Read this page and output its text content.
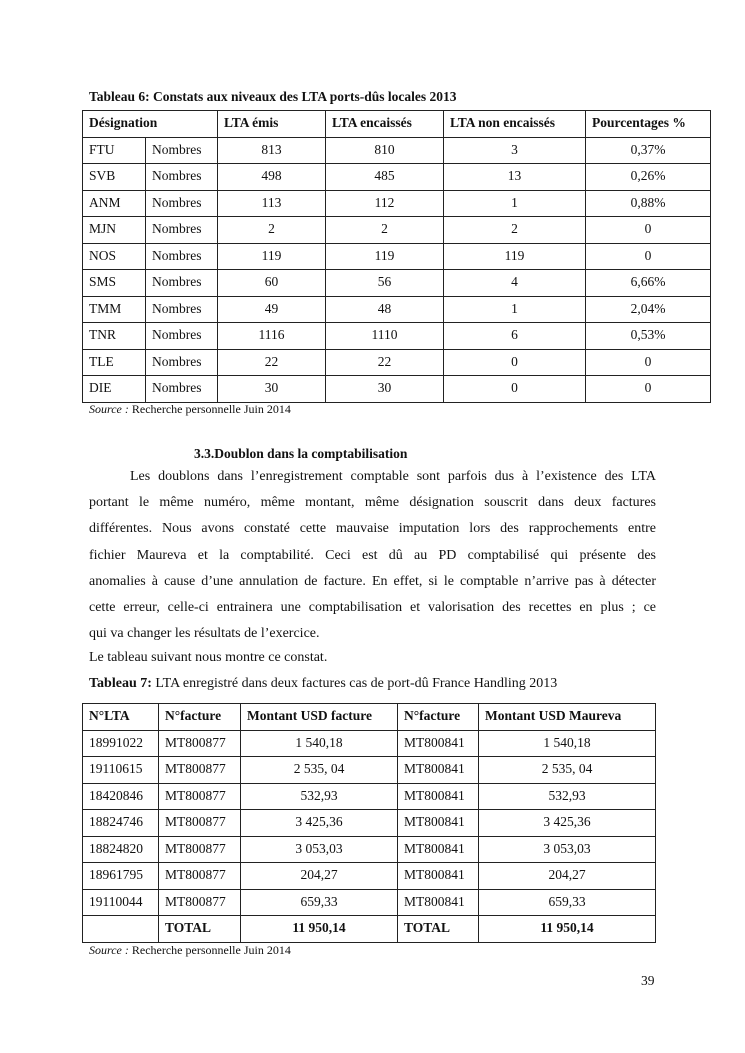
Tableau 6: Constats aux niveaux des LTA ports-dûs locales 2013
Désignation		LTA émis	LTA encaissés	LTA non encaissés	Pourcentages %
FTU	Nombres	813	810	3	0,37%
SVB	Nombres	498	485	13	0,26%
ANM	Nombres	113	112	1	0,88%
MJN	Nombres	2	2	2	0
NOS	Nombres	119	119	119	0
SMS	Nombres	60	56	4	6,66%
TMM	Nombres	49	48	1	2,04%
TNR	Nombres	1116	1110	6	0,53%
TLE	Nombres	22	22	0	0
DIE	Nombres	30	30	0	0
Source : Recherche personnelle Juin 2014
3.3.Doublon dans la comptabilisation
Les doublons dans l’enregistrement comptable sont parfois dus à l’existence des LTA
portant le même numéro, même montant, même désignation souscrit dans deux factures
différentes. Nous avons constaté cette mauvaise imputation lors des rapprochements entre
fichier Maureva et la comptabilité. Ceci est dû au PD comptabilisé qui présente des
anomalies à cause d’une annulation de facture. En effet, si le comptable n’arrive pas à détecter
cette erreur, celle-ci entrainera une comptabilisation et valorisation des recettes en plus ; ce
qui va changer les résultats de l’exercice.
Le tableau suivant nous montre ce constat.
Tableau 7: LTA enregistré dans deux factures cas de port-dû France Handling 2013
N°LTA	N°facture	Montant USD facture	N°facture	Montant USD Maureva
18991022	MT800877	1 540,18	MT800841	1 540,18
19110615	MT800877	2 535, 04	MT800841	2 535, 04
18420846	MT800877	532,93	MT800841	532,93
18824746	MT800877	3 425,36	MT800841	3 425,36
18824820	MT800877	3 053,03	MT800841	3 053,03
18961795	MT800877	204,27	MT800841	204,27
19110044	MT800877	659,33	MT800841	659,33
	TOTAL	11 950,14	TOTAL	11 950,14
Source : Recherche personnelle Juin 2014
39
